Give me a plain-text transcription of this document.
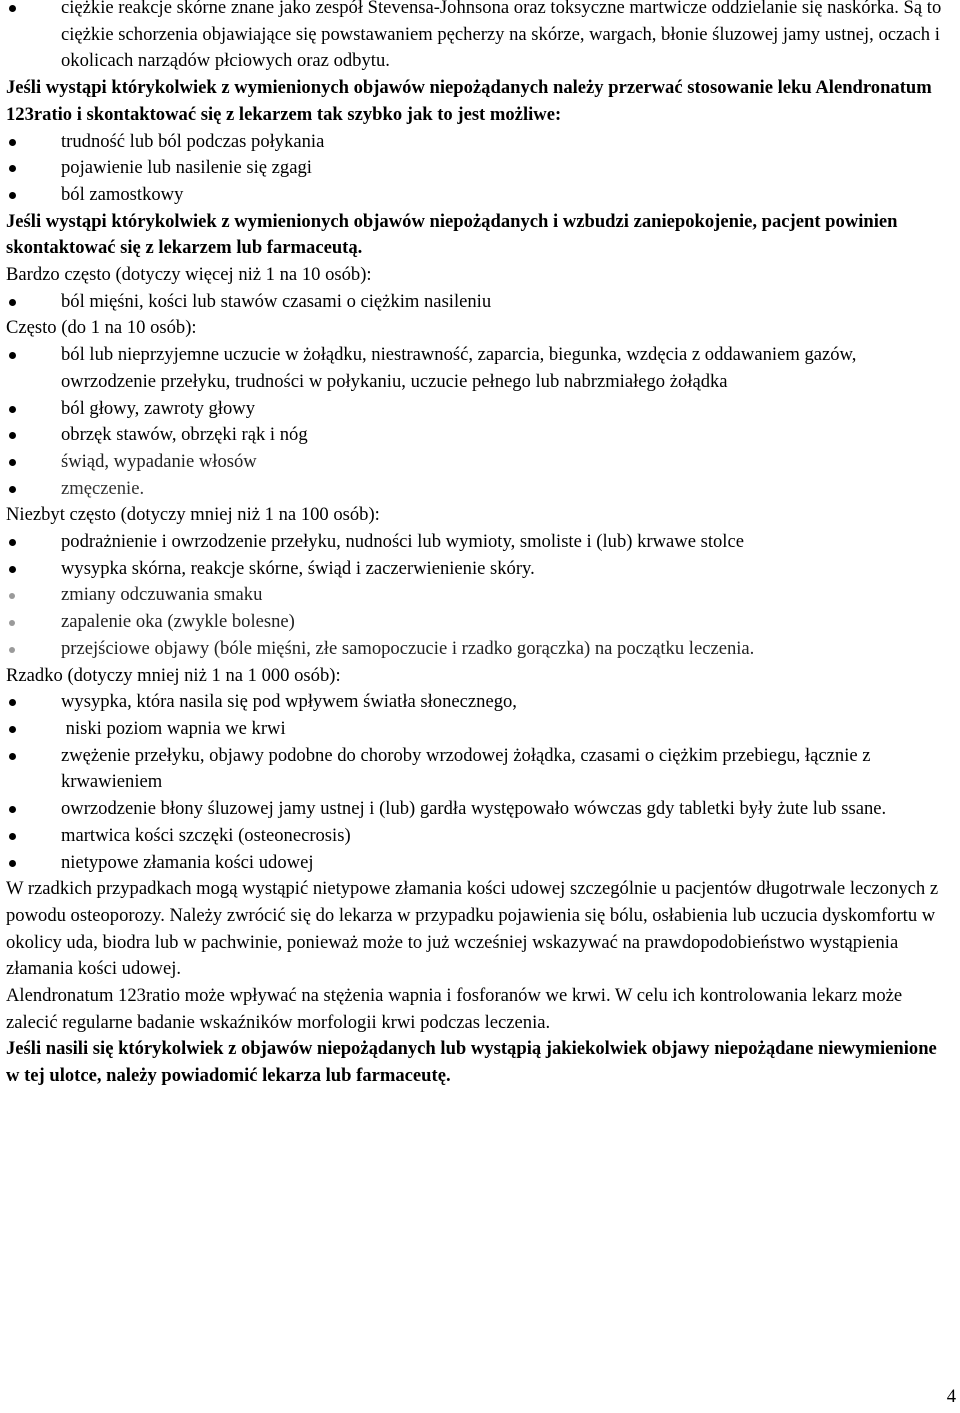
ciężkie reakcje skórne znane jako zespół Stevensa-Johnsona oraz toksyczne martwicze oddzielanie się naskórka. Są to ciężkie schorzenia objawiające się powstawaniem pęcherzy na skórze, wargach, błonie śluzowej jamy ustnej, oczach i okolicach narządów płciowych oraz odbytu.

Jeśli wystąpi którykolwiek z wymienionych objawów niepożądanych należy przerwać stosowanie leku Alendronatum 123ratio i skontaktować się z lekarzem tak szybko jak to jest możliwe:

trudność lub ból podczas połykania
pojawienie lub nasilenie się zgagi
ból zamostkowy

Jeśli wystąpi którykolwiek z wymienionych objawów niepożądanych i wzbudzi zaniepokojenie, pacjent powinien skontaktować się z lekarzem lub farmaceutą.

Bardzo często (dotyczy więcej niż 1 na 10 osób):

ból mięśni, kości lub stawów czasami o ciężkim nasileniu

Często (do 1 na 10 osób):

ból lub nieprzyjemne uczucie w żołądku, niestrawność, zaparcia, biegunka, wzdęcia z oddawaniem gazów, owrzodzenie przełyku, trudności w połykaniu, uczucie pełnego lub nabrzmiałego żołądka
ból głowy, zawroty głowy
obrzęk stawów, obrzęki rąk i nóg
świąd, wypadanie włosów
zmęczenie.

Niezbyt często (dotyczy mniej niż 1 na 100 osób):

podrażnienie i owrzodzenie przełyku, nudności lub wymioty, smoliste i (lub) krwawe stolce
wysypka skórna, reakcje skórne, świąd i zaczerwienienie skóry.
zmiany odczuwania smaku
zapalenie oka (zwykle bolesne)
przejściowe objawy (bóle mięśni, złe samopoczucie i rzadko gorączka) na początku leczenia.

Rzadko (dotyczy mniej niż 1 na 1 000 osób):

wysypka, która nasila się pod wpływem światła słonecznego,
niski poziom wapnia we krwi
zwężenie przełyku, objawy podobne do choroby wrzodowej żołądka, czasami o ciężkim przebiegu, łącznie z krwawieniem
owrzodzenie błony śluzowej jamy ustnej i (lub) gardła występowało wówczas gdy tabletki były żute lub ssane.
martwica kości szczęki (osteonecrosis)
nietypowe złamania kości udowej

W rzadkich przypadkach mogą wystąpić nietypowe złamania kości udowej szczególnie u pacjentów długotrwale leczonych z powodu osteoporozy. Należy zwrócić się do lekarza w przypadku pojawienia się bólu, osłabienia lub uczucia dyskomfortu w okolicy uda, biodra lub w pachwinie, ponieważ może to już wcześniej wskazywać na prawdopodobieństwo wystąpienia złamania kości udowej.

Alendronatum 123ratio może wpływać na stężenia wapnia i fosforanów we krwi. W celu ich kontrolowania lekarz może zalecić regularne badanie wskaźników morfologii krwi podczas leczenia.

Jeśli nasili się którykolwiek z objawów niepożądanych lub wystąpią jakiekolwiek objawy niepożądane niewymienione w tej ulotce, należy powiadomić lekarza lub farmaceutę.

4
